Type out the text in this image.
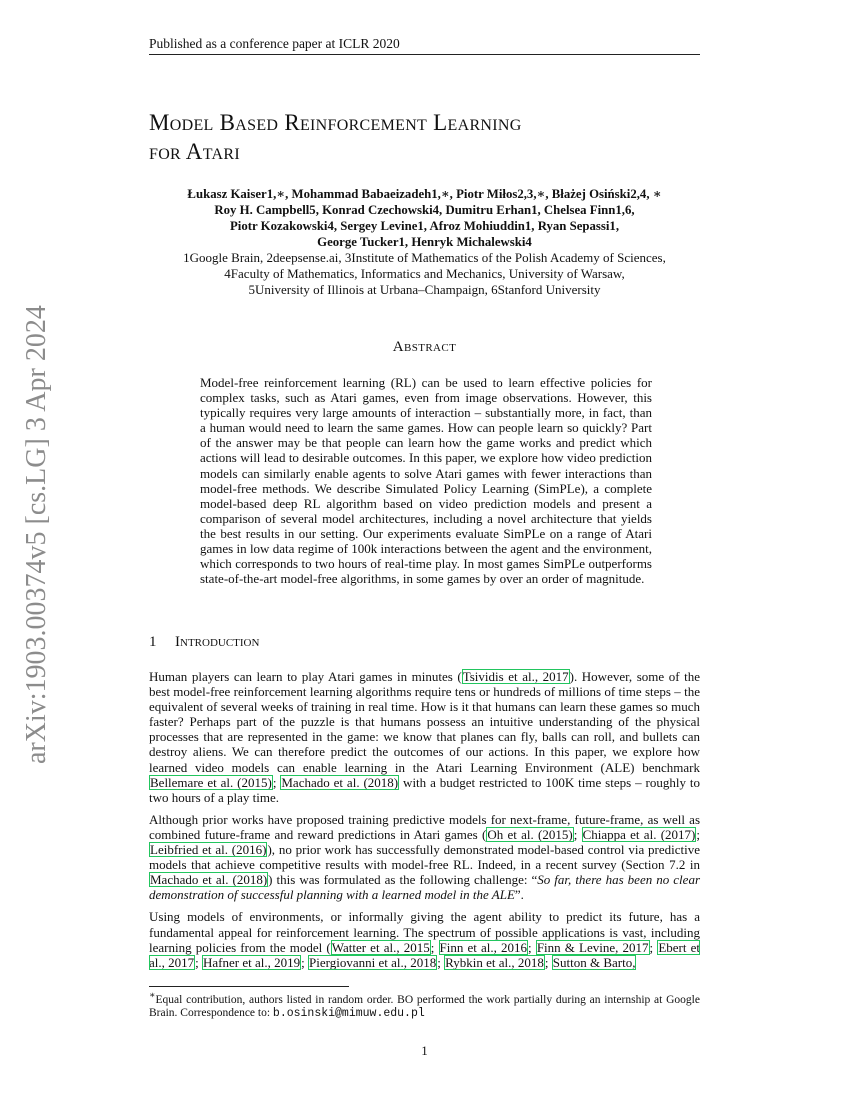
arXiv:1903.00374v5 [cs.LG] 3 Apr 2024
Published as a conference paper at ICLR 2020
Model Based Reinforcement Learning
for Atari
Łukasz Kaiser1,∗, Mohammad Babaeizadeh1,∗, Piotr Miłos2,3,∗, Błażej Osiński2,4, ∗
Roy H. Campbell5, Konrad Czechowski4, Dumitru Erhan1, Chelsea Finn1,6,
Piotr Kozakowski4, Sergey Levine1, Afroz Mohiuddin1, Ryan Sepassi1,
George Tucker1, Henryk Michalewski4
1Google Brain, 2deepsense.ai, 3Institute of Mathematics of the Polish Academy of Sciences,
4Faculty of Mathematics, Informatics and Mechanics, University of Warsaw,
5University of Illinois at Urbana–Champaign, 6Stanford University
Abstract
Model-free reinforcement learning (RL) can be used to learn effective policies for complex tasks, such as Atari games, even from image observations. However, this typically requires very large amounts of interaction – substantially more, in fact, than a human would need to learn the same games. How can people learn so quickly? Part of the answer may be that people can learn how the game works and predict which actions will lead to desirable outcomes. In this paper, we explore how video prediction models can similarly enable agents to solve Atari games with fewer interactions than model-free methods. We describe Simulated Policy Learning (SimPLe), a complete model-based deep RL algorithm based on video prediction models and present a comparison of several model architectures, including a novel architecture that yields the best results in our setting. Our experiments evaluate SimPLe on a range of Atari games in low data regime of 100k interactions between the agent and the environment, which corresponds to two hours of real-time play. In most games SimPLe outperforms state-of-the-art model-free algorithms, in some games by over an order of magnitude.
1 Introduction

Human players can learn to play Atari games in minutes (Tsividis et al., 2017). However, some of the best model-free reinforcement learning algorithms require tens or hundreds of millions of time steps – the equivalent of several weeks of training in real time. How is it that humans can learn these games so much faster? Perhaps part of the puzzle is that humans possess an intuitive understanding of the physical processes that are represented in the game: we know that planes can fly, balls can roll, and bullets can destroy aliens. We can therefore predict the outcomes of our actions. In this paper, we explore how learned video models can enable learning in the Atari Learning Environment (ALE) benchmark Bellemare et al. (2015); Machado et al. (2018) with a budget restricted to 100K time steps – roughly to two hours of a play time.

Although prior works have proposed training predictive models for next-frame, future-frame, as well as combined future-frame and reward predictions in Atari games (Oh et al. (2015); Chiappa et al. (2017); Leibfried et al. (2016)), no prior work has successfully demonstrated model-based control via predictive models that achieve competitive results with model-free RL. Indeed, in a recent survey (Section 7.2 in Machado et al. (2018)) this was formulated as the following challenge: “So far, there has been no clear demonstration of successful planning with a learned model in the ALE”.

Using models of environments, or informally giving the agent ability to predict its future, has a fundamental appeal for reinforcement learning. The spectrum of possible applications is vast, including learning policies from the model (Watter et al., 2015; Finn et al., 2016; Finn & Levine, 2017; Ebert et al., 2017; Hafner et al., 2019; Piergiovanni et al., 2018; Rybkin et al., 2018; Sutton & Barto,

∗Equal contribution, authors listed in random order. BO performed the work partially during an internship at Google Brain. Correspondence to: b.osinski@mimuw.edu.pl
1
